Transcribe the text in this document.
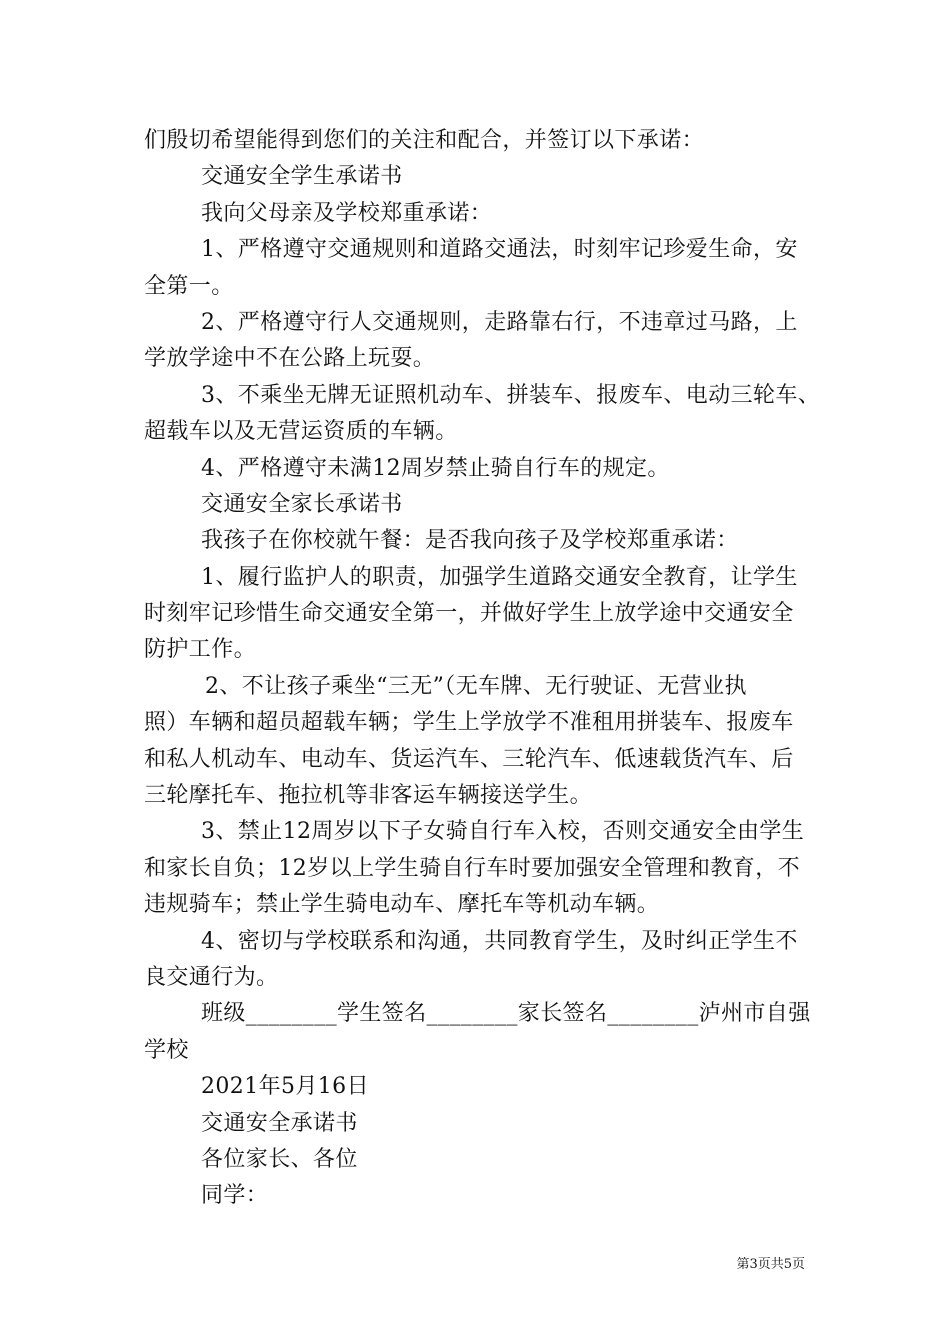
们殷切希望能得到您们的关注和配合，并签订以下承诺：
交通安全学生承诺书
我向父母亲及学校郑重承诺：
1、严格遵守交通规则和道路交通法，时刻牢记珍爱生命，安
全第一。
2、严格遵守行人交通规则，走路靠右行，不违章过马路，上
学放学途中不在公路上玩耍。
3、不乘坐无牌无证照机动车、拼装车、报废车、电动三轮车、
超载车以及无营运资质的车辆。
4、严格遵守未满12周岁禁止骑自行车的规定。
交通安全家长承诺书
我孩子在你校就午餐：是否我向孩子及学校郑重承诺：
1、履行监护人的职责，加强学生道路交通安全教育，让学生
时刻牢记珍惜生命交通安全第一，并做好学生上放学途中交通安全
防护工作。
2、不让孩子乘坐“三无”（无车牌、无行驶证、无营业执
照）车辆和超员超载车辆；学生上学放学不准租用拼装车、报废车
和私人机动车、电动车、货运汽车、三轮汽车、低速载货汽车、后
三轮摩托车、拖拉机等非客运车辆接送学生。
3、禁止12周岁以下子女骑自行车入校，否则交通安全由学生
和家长自负；12岁以上学生骑自行车时要加强安全管理和教育，不
违规骑车；禁止学生骑电动车、摩托车等机动车辆。
4、密切与学校联系和沟通，共同教育学生，及时纠正学生不
良交通行为。
班级________学生签名________家长签名________泸州市自强
学校
2021年5月16日
交通安全承诺书
各位家长、各位
同学：
第3页共5页
